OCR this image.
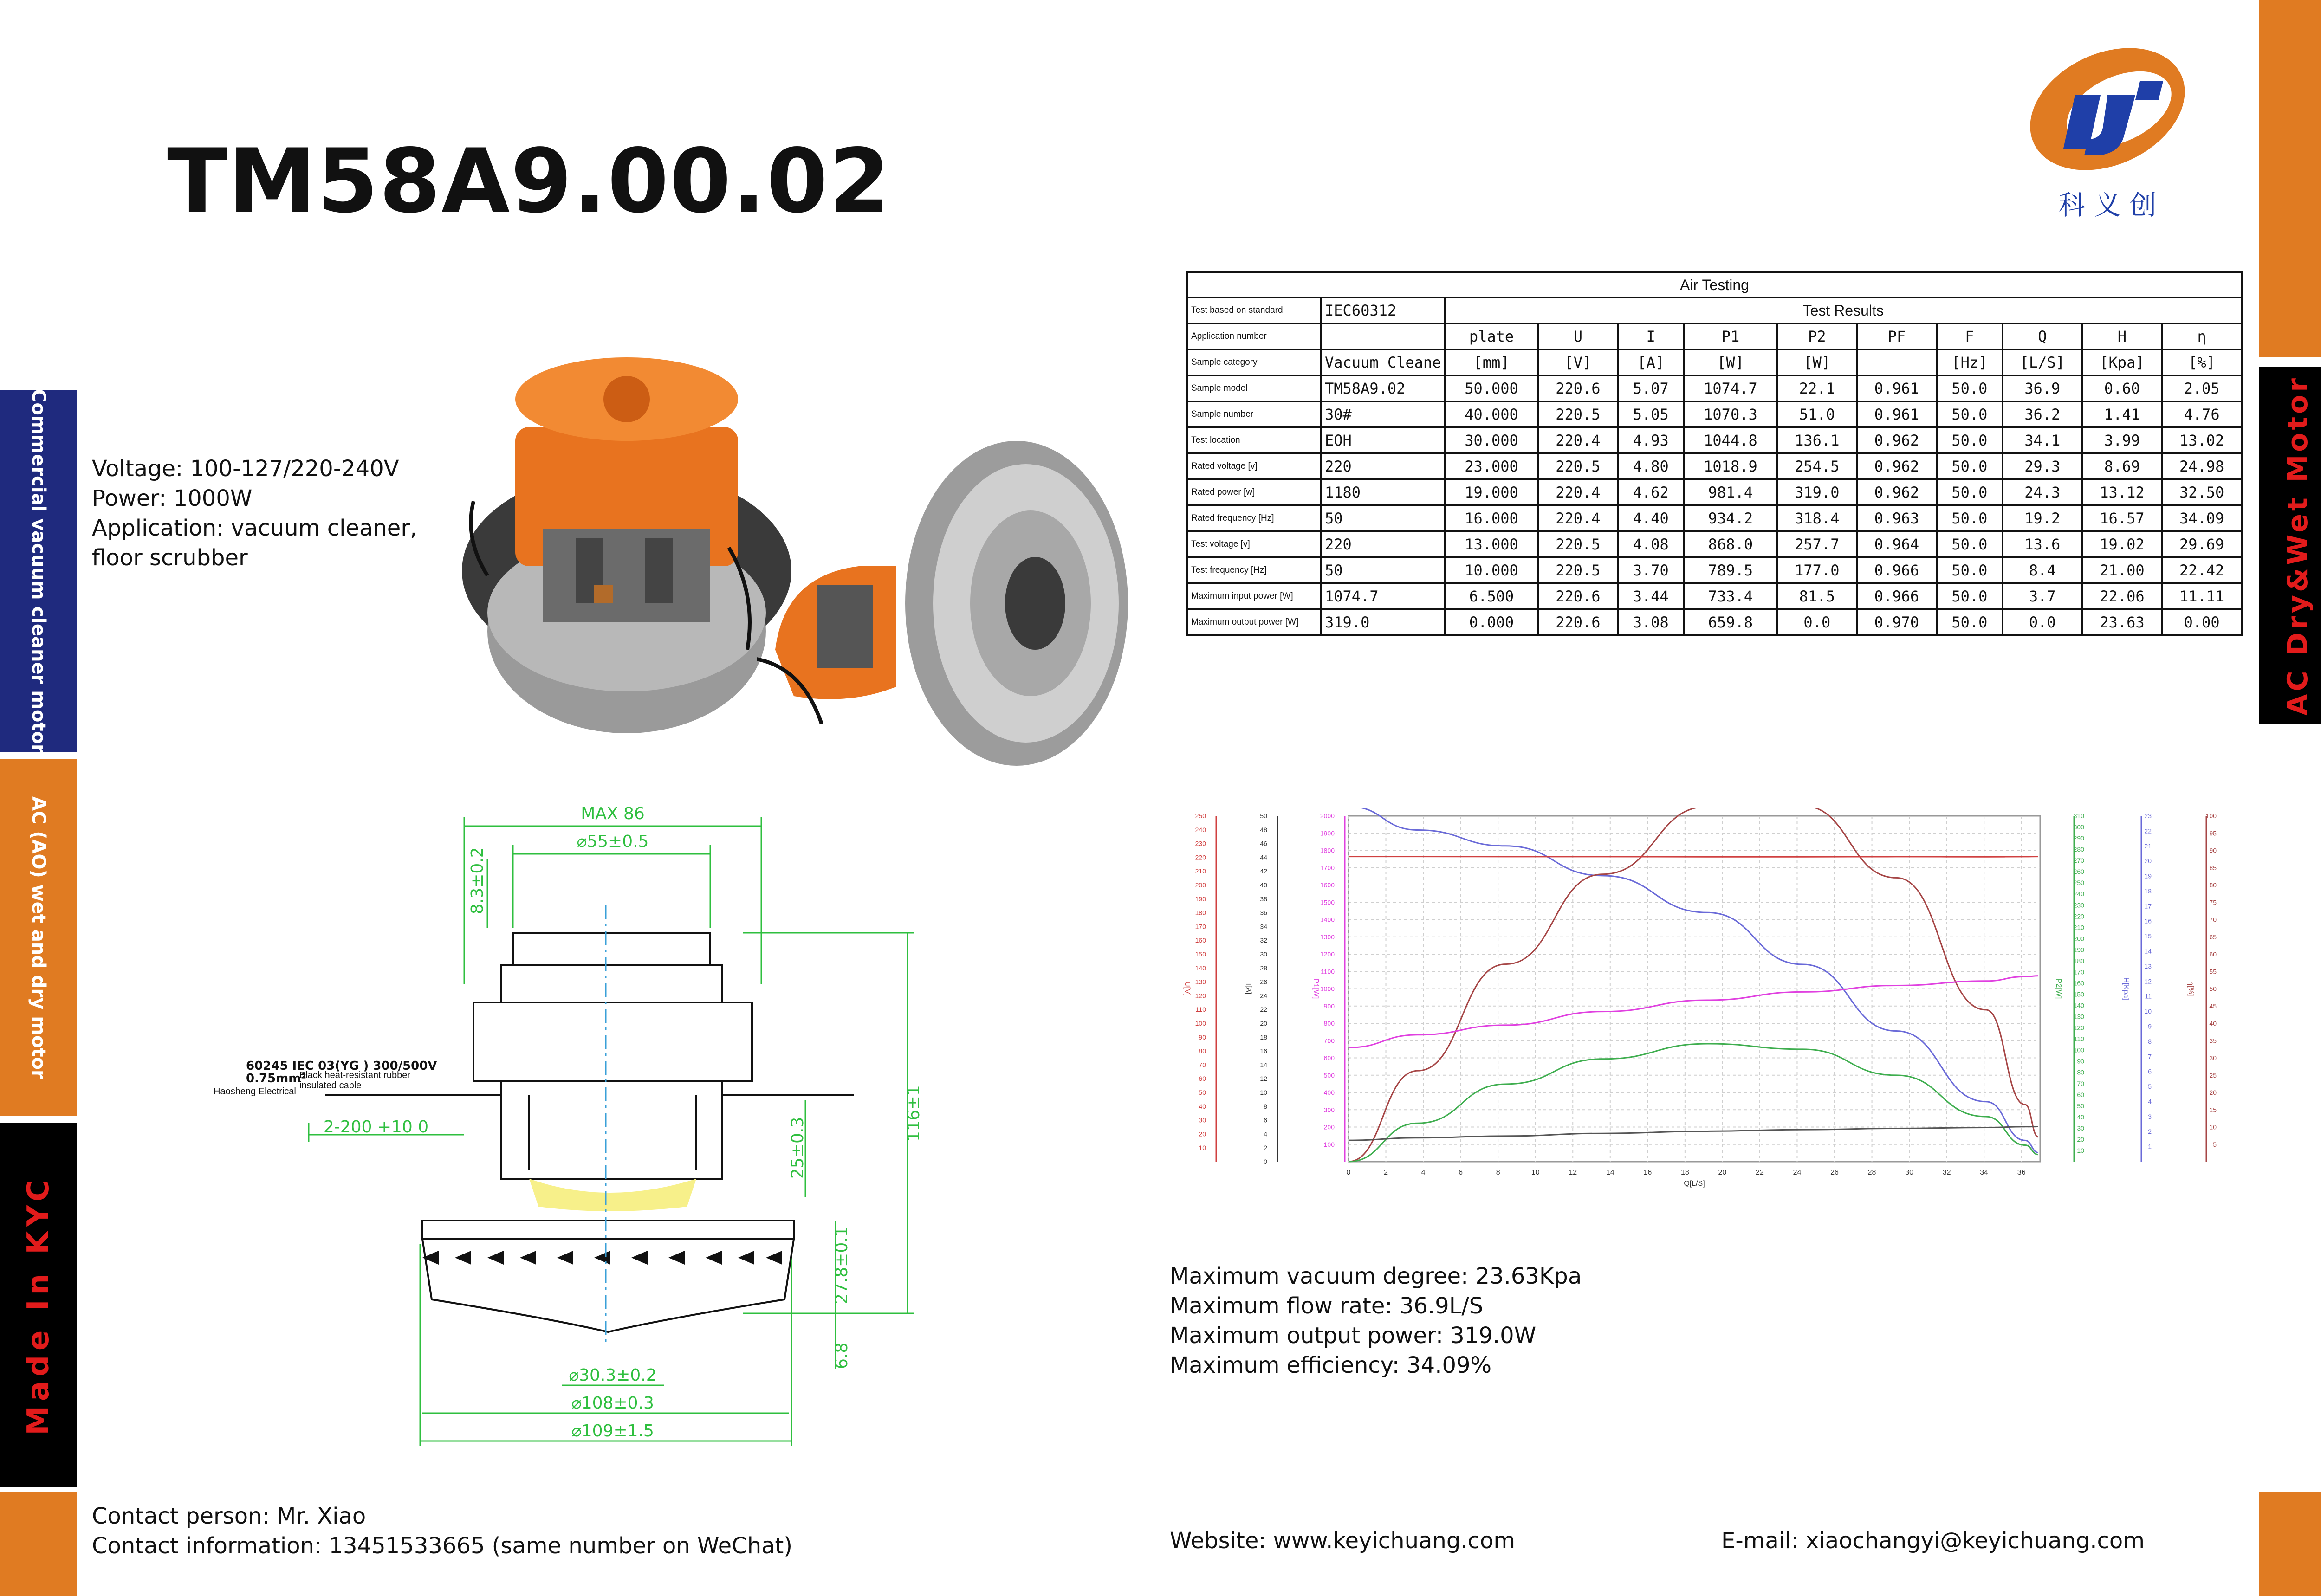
Commercial vacuum cleaner motor
AC (AO) wet and dry motor
Made In KYC
AC Dry&Wet Motor
TM58A9.00.02	科 义 创
Voltage: 100-127/220-240V
Power: 1000W
Application: vacuum cleaner,
floor scrubber
Air Testing											
Test based on standard	IEC60312	Test Results									
Application number		plate	U	I	P1	P2	PF	F	Q	H	η
Sample category	Vacuum Cleane	[mm]	[V]	[A]	[W]	[W]		[Hz]	[L/S]	[Kpa]	[%]
Sample model	TM58A9.02	50.000	220.6	5.07	1074.7	22.1	0.961	50.0	36.9	0.60	2.05
Sample number	30#	40.000	220.5	5.05	1070.3	51.0	0.961	50.0	36.2	1.41	4.76
Test location	EOH	30.000	220.4	4.93	1044.8	136.1	0.962	50.0	34.1	3.99	13.02
Rated voltage [v]	220	23.000	220.5	4.80	1018.9	254.5	0.962	50.0	29.3	8.69	24.98
Rated power [w]	1180	19.000	220.4	4.62	981.4	319.0	0.962	50.0	24.3	13.12	32.50
Rated frequency [Hz]	50	16.000	220.4	4.40	934.2	318.4	0.963	50.0	19.2	16.57	34.09
Test voltage [v]	220	13.000	220.5	4.08	868.0	257.7	0.964	50.0	13.6	19.02	29.69
Test frequency [Hz]	50	10.000	220.5	3.70	789.5	177.0	0.966	50.0	8.4	21.00	22.42
Maximum input power [W]	1074.7	6.500	220.6	3.44	733.4	81.5	0.966	50.0	3.7	22.06	11.11
Maximum output power [W]	319.0	0.000	220.6	3.08	659.8	0.0	0.970	50.0	0.0	23.63	0.00
MAX 86
⌀55±0.5
8.3±0.2
116±1
25±0.3
27.8±0.1
6.8
⌀30.3±0.2
⌀108±0.3
⌀109±1.5
2-200 +10 0
60245 IEC 03(YG ) 300/500V
0.75mm²
Black heat-resistant rubber
insulated cable
Haosheng Electrical
0	2	4	6	8	10	12	14	16	18	20	22	24	26	28	30	32	34	36
Q[L/S]
10
20
30
40
50
60
70
80
90
100
110
120
130
140
150
160
170
180
190
200
210
220
230
240
250
U[V]
0
2
4
6
8
10
12
14
16
18
20
22
24
26
28
30
32
34
36
38
40
42
44
46
48
50
I[A]
100
200
300
400
500
600
700
800
900
1000
1100
1200
1300
1400
1500
1600
1700
1800
1900
2000
P1[W]
10
20
30
40
50
60
70
80
90
100
110
120
130
140
150
160
170
180
190
200
210
220
230
240
250
260
270
280
290
300
310
P2[W]
1
2
3
4
5
6
7
8
9
10
11
12
13
14
15
16
17
18
19
20
21
22
23
H[Kpa]
5
10
15
20
25
30
35
40
45
50
55
60
65
70
75
80
85
90
95
100
η[%]
Maximum vacuum degree: 23.63Kpa
Maximum flow rate: 36.9L/S
Maximum output power: 319.0W
Maximum efficiency: 34.09%
Contact person: Mr. Xiao
Contact information: 13451533665 (same number on WeChat)	Website: www.keyichuang.com	E-mail: xiaochangyi@keyichuang.com
